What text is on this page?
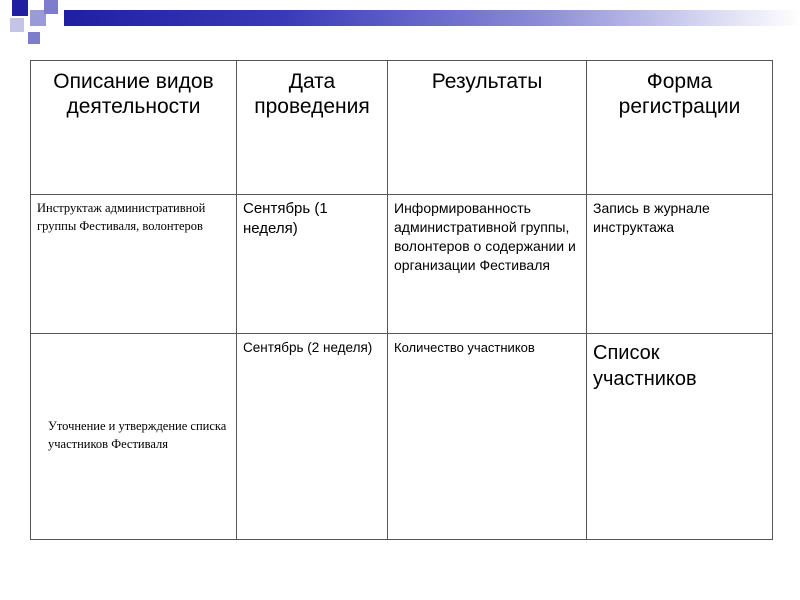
Описание видов деятельности	Дата проведения	Результаты	Форма регистрации

Инструктаж административной группы Фестиваля, волонтеров	Сентябрь (1 неделя)	Информированность административной группы, волонтеров о содержании и организации Фестиваля	Запись в журнале инструктажа

Уточнение и утверждение списка участников Фестиваля	Сентябрь (2 неделя)	Количество участников	Список участников
